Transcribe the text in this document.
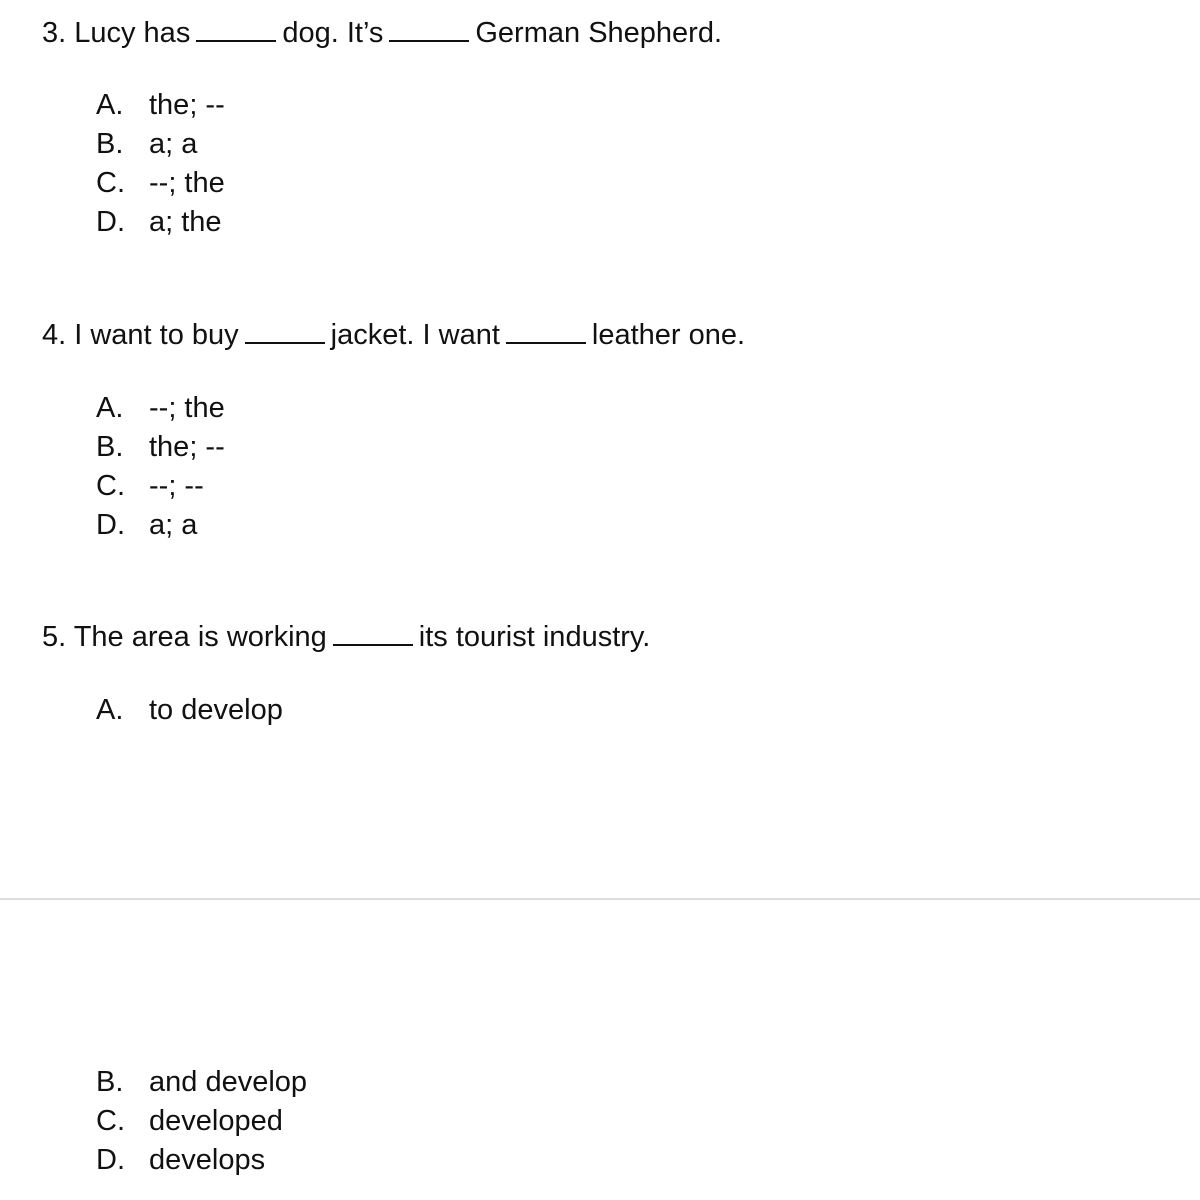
3. Lucy has	dog. It’s	German Shepherd.
A. the; --
B. a; a
C. --; the
D. a; the
4. I want to buy	jacket. I want	leather one.
A. --; the
B. the; --
C. --; --
D. a; a
5. The area is working	its tourist industry.
A. to develop
B. and develop
C. developed
D. develops
